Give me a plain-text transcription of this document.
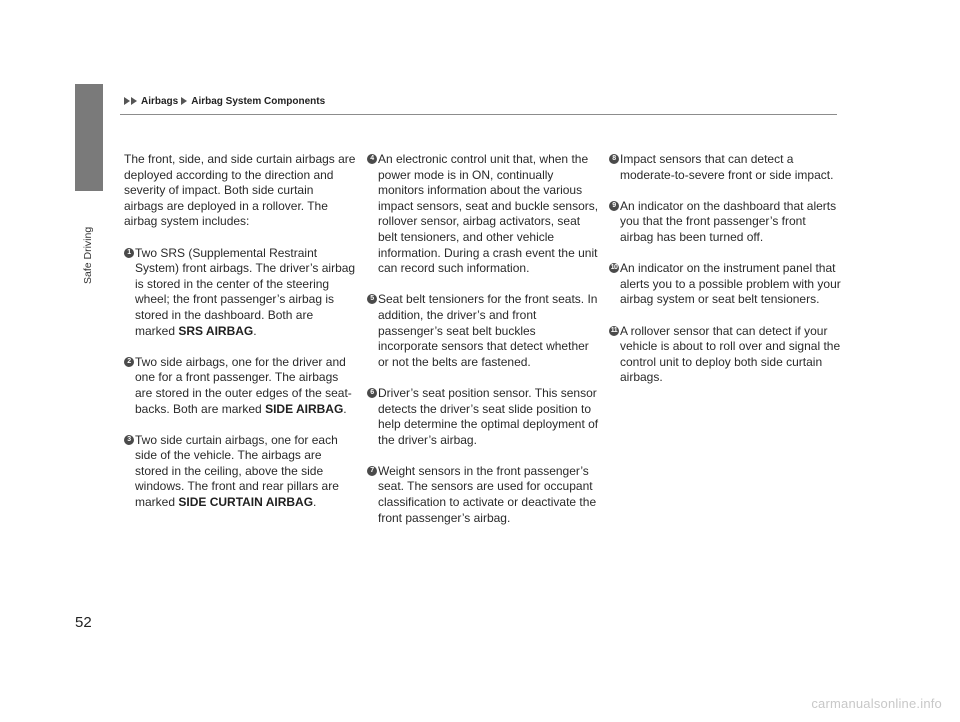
Safe Driving
Airbags Airbag System Components

The front, side, and side curtain airbags are deployed according to the direction and severity of impact. Both side curtain airbags are deployed in a rollover. The airbag system includes:

1 Two SRS (Supplemental Restraint System) front airbags. The driver’s airbag is stored in the center of the steering wheel; the front passenger’s airbag is stored in the dashboard. Both are marked SRS AIRBAG.
2 Two side airbags, one for the driver and one for a front passenger. The airbags are stored in the outer edges of the seat-backs. Both are marked SIDE AIRBAG.
3 Two side curtain airbags, one for each side of the vehicle. The airbags are stored in the ceiling, above the side windows. The front and rear pillars are marked SIDE CURTAIN AIRBAG.
4 An electronic control unit that, when the power mode is in ON, continually monitors information about the various impact sensors, seat and buckle sensors, rollover sensor, airbag activators, seat belt tensioners, and other vehicle information. During a crash event the unit can record such information.
5 Seat belt tensioners for the front seats. In addition, the driver’s and front passenger’s seat belt buckles incorporate sensors that detect whether or not the belts are fastened.
6 Driver’s seat position sensor. This sensor detects the driver’s seat slide position to help determine the optimal deployment of the driver’s airbag.
7 Weight sensors in the front passenger’s seat. The sensors are used for occupant classification to activate or deactivate the front passenger’s airbag.
8 Impact sensors that can detect a moderate-to-severe front or side impact.
9 An indicator on the dashboard that alerts you that the front passenger’s front airbag has been turned off.
10 An indicator on the instrument panel that alerts you to a possible problem with your airbag system or seat belt tensioners.
11 A rollover sensor that can detect if your vehicle is about to roll over and signal the control unit to deploy both side curtain airbags.
52
carmanualsonline.info
